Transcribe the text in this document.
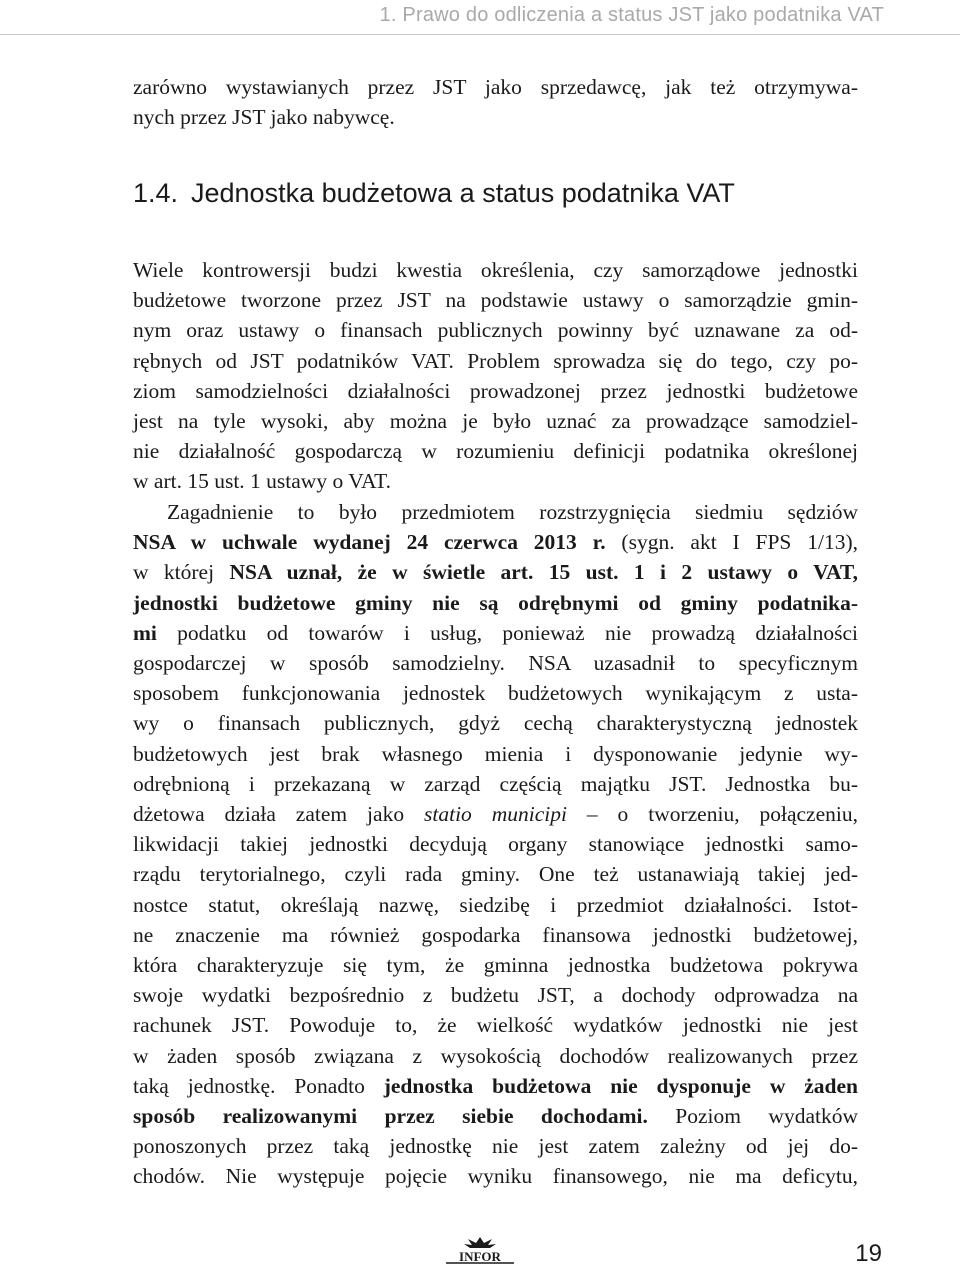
1. Prawo do odliczenia a status JST jako podatnika VAT

zarówno wystawianych przez JST jako sprzedawcę, jak też otrzymywa-
nych przez JST jako nabywcę.

1.4. Jednostka budżetowa a status podatnika VAT

Wiele kontrowersji budzi kwestia określenia, czy samorządowe jednostki
budżetowe tworzone przez JST na podstawie ustawy o samorządzie gmin-
nym oraz ustawy o finansach publicznych powinny być uznawane za od-
rębnych od JST podatników VAT. Problem sprowadza się do tego, czy po-
ziom samodzielności działalności prowadzonej przez jednostki budżetowe
jest na tyle wysoki, aby można je było uznać za prowadzące samodziel-
nie działalność gospodarczą w rozumieniu definicji podatnika określonej
w art. 15 ust. 1 ustawy o VAT.

Zagadnienie to było przedmiotem rozstrzygnięcia siedmiu sędziów
NSA w uchwale wydanej 24 czerwca 2013 r. (sygn. akt I FPS 1/13),
w której NSA uznał, że w świetle art. 15 ust. 1 i 2 ustawy o VAT,
jednostki budżetowe gminy nie są odrębnymi od gminy podatnika-
mi podatku od towarów i usług, ponieważ nie prowadzą działalności
gospodarczej w sposób samodzielny. NSA uzasadnił to specyficznym
sposobem funkcjonowania jednostek budżetowych wynikającym z usta-
wy o finansach publicznych, gdyż cechą charakterystyczną jednostek
budżetowych jest brak własnego mienia i dysponowanie jedynie wy-
odrębnioną i przekazaną w zarząd częścią majątku JST. Jednostka bu-
dżetowa działa zatem jako statio municipi – o tworzeniu, połączeniu,
likwidacji takiej jednostki decydują organy stanowiące jednostki samo-
rządu terytorialnego, czyli rada gminy. One też ustanawiają takiej jed-
nostce statut, określają nazwę, siedzibę i przedmiot działalności. Istot-
ne znaczenie ma również gospodarka finansowa jednostki budżetowej,
która charakteryzuje się tym, że gminna jednostka budżetowa pokrywa
swoje wydatki bezpośrednio z budżetu JST, a dochody odprowadza na
rachunek JST. Powoduje to, że wielkość wydatków jednostki nie jest
w żaden sposób związana z wysokością dochodów realizowanych przez
taką jednostkę. Ponadto jednostka budżetowa nie dysponuje w żaden
sposób realizowanymi przez siebie dochodami. Poziom wydatków
ponoszonych przez taką jednostkę nie jest zatem zależny od jej do-
chodów. Nie występuje pojęcie wyniku finansowego, nie ma deficytu,

INFOR	19
